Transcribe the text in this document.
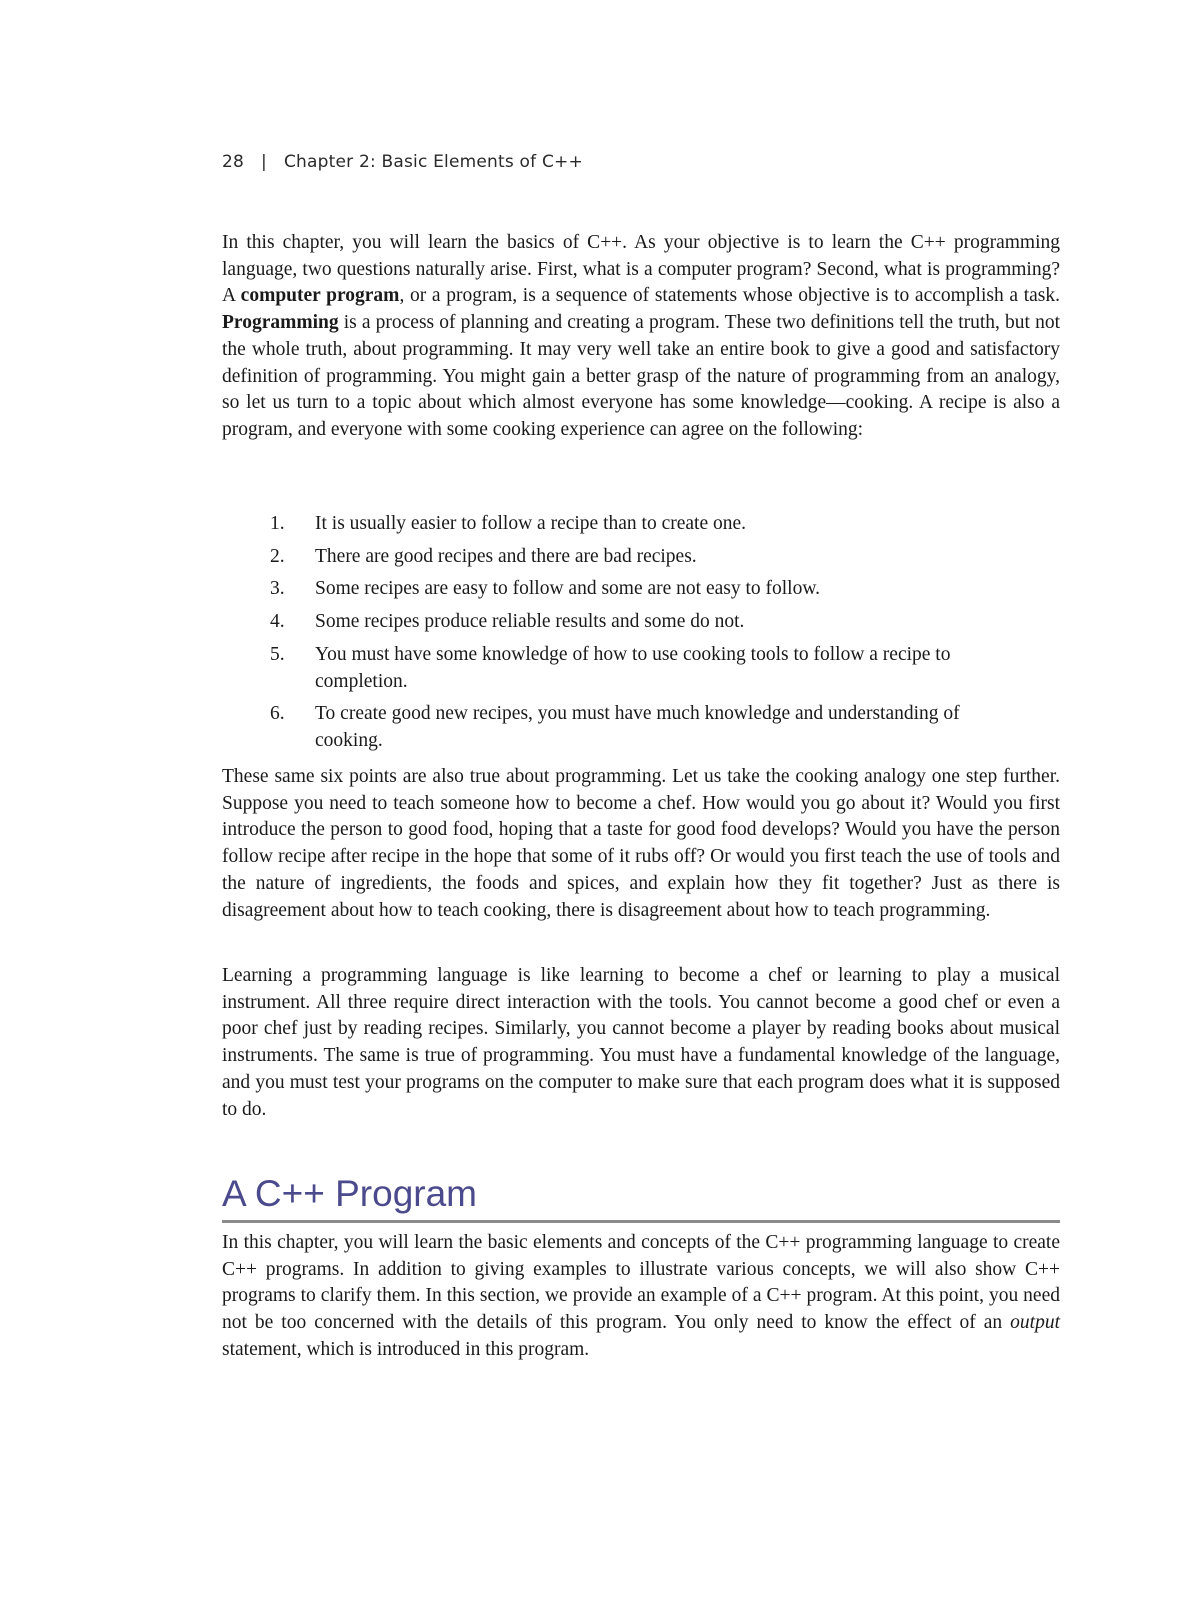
28 | Chapter 2: Basic Elements of C++

In this chapter, you will learn the basics of C++. As your objective is to learn the C++ programming language, two questions naturally arise. First, what is a computer program? Second, what is programming? A computer program, or a program, is a sequence of statements whose objective is to accomplish a task. Programming is a process of planning and creating a program. These two definitions tell the truth, but not the whole truth, about programming. It may very well take an entire book to give a good and satisfactory definition of programming. You might gain a better grasp of the nature of programming from an analogy, so let us turn to a topic about which almost everyone has some knowledge—cooking. A recipe is also a program, and everyone with some cooking experience can agree on the following:

1. It is usually easier to follow a recipe than to create one.
2. There are good recipes and there are bad recipes.
3. Some recipes are easy to follow and some are not easy to follow.
4. Some recipes produce reliable results and some do not.
5. You must have some knowledge of how to use cooking tools to follow a recipe to completion.
6. To create good new recipes, you must have much knowledge and understanding of cooking.

These same six points are also true about programming. Let us take the cooking analogy one step further. Suppose you need to teach someone how to become a chef. How would you go about it? Would you first introduce the person to good food, hoping that a taste for good food develops? Would you have the person follow recipe after recipe in the hope that some of it rubs off? Or would you first teach the use of tools and the nature of ingredients, the foods and spices, and explain how they fit together? Just as there is disagreement about how to teach cooking, there is disagreement about how to teach programming.

Learning a programming language is like learning to become a chef or learning to play a musical instrument. All three require direct interaction with the tools. You cannot become a good chef or even a poor chef just by reading recipes. Similarly, you cannot become a player by reading books about musical instruments. The same is true of programming. You must have a fundamental knowledge of the language, and you must test your programs on the computer to make sure that each program does what it is supposed to do.

A C++ Program

In this chapter, you will learn the basic elements and concepts of the C++ programming language to create C++ programs. In addition to giving examples to illustrate various concepts, we will also show C++ programs to clarify them. In this section, we provide an example of a C++ program. At this point, you need not be too concerned with the details of this program. You only need to know the effect of an output statement, which is introduced in this program.
